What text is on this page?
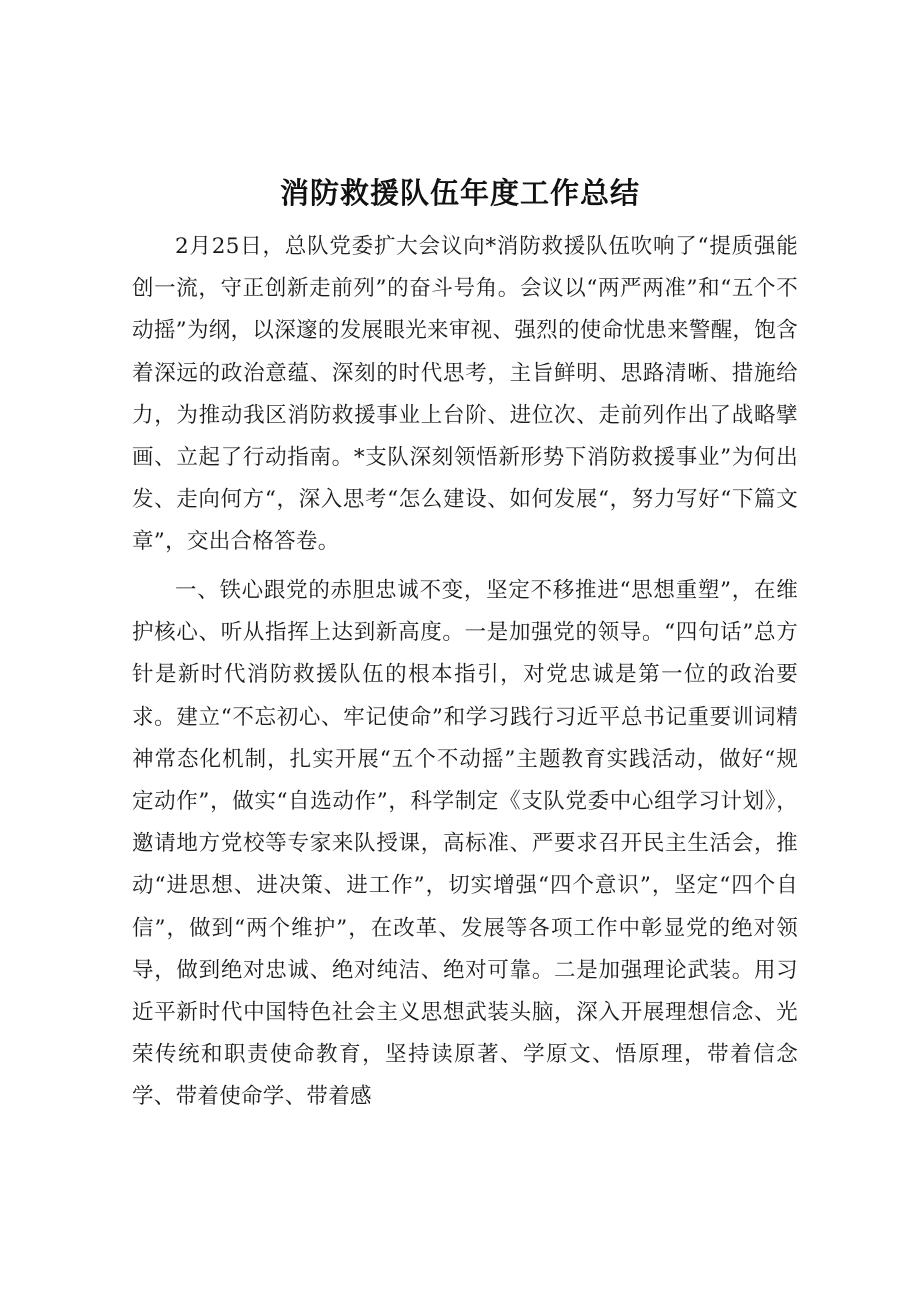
消防救援队伍年度工作总结

2月25日，总队党委扩大会议向*消防救援队伍吹响了“提质强能创一流，守正创新走前列”的奋斗号角。会议以“两严两准”和“五个不动摇”为纲，以深邃的发展眼光来审视、强烈的使命忧患来警醒，饱含着深远的政治意蕴、深刻的时代思考，主旨鲜明、思路清晰、措施给力，为推动我区消防救援事业上台阶、进位次、走前列作出了战略擘画、立起了行动指南。*支队深刻领悟新形势下消防救援事业”为何出发、走向何方“，深入思考“怎么建设、如何发展“，努力写好“下篇文章”，交出合格答卷。

一、铁心跟党的赤胆忠诚不变，坚定不移推进“思想重塑”，在维护核心、听从指挥上达到新高度。一是加强党的领导。“四句话”总方针是新时代消防救援队伍的根本指引，对党忠诚是第一位的政治要求。建立“不忘初心、牢记使命”和学习践行习近平总书记重要训词精神常态化机制，扎实开展“五个不动摇”主题教育实践活动，做好“规定动作”，做实“自选动作”，科学制定《支队党委中心组学习计划》，邀请地方党校等专家来队授课，高标准、严要求召开民主生活会，推动“进思想、进决策、进工作”，切实增强“四个意识”，坚定“四个自信”，做到“两个维护”，在改革、发展等各项工作中彰显党的绝对领导，做到绝对忠诚、绝对纯洁、绝对可靠。二是加强理论武装。用习近平新时代中国特色社会主义思想武装头脑，深入开展理想信念、光荣传统和职责使命教育，坚持读原著、学原文、悟原理，带着信念学、带着使命学、带着感
